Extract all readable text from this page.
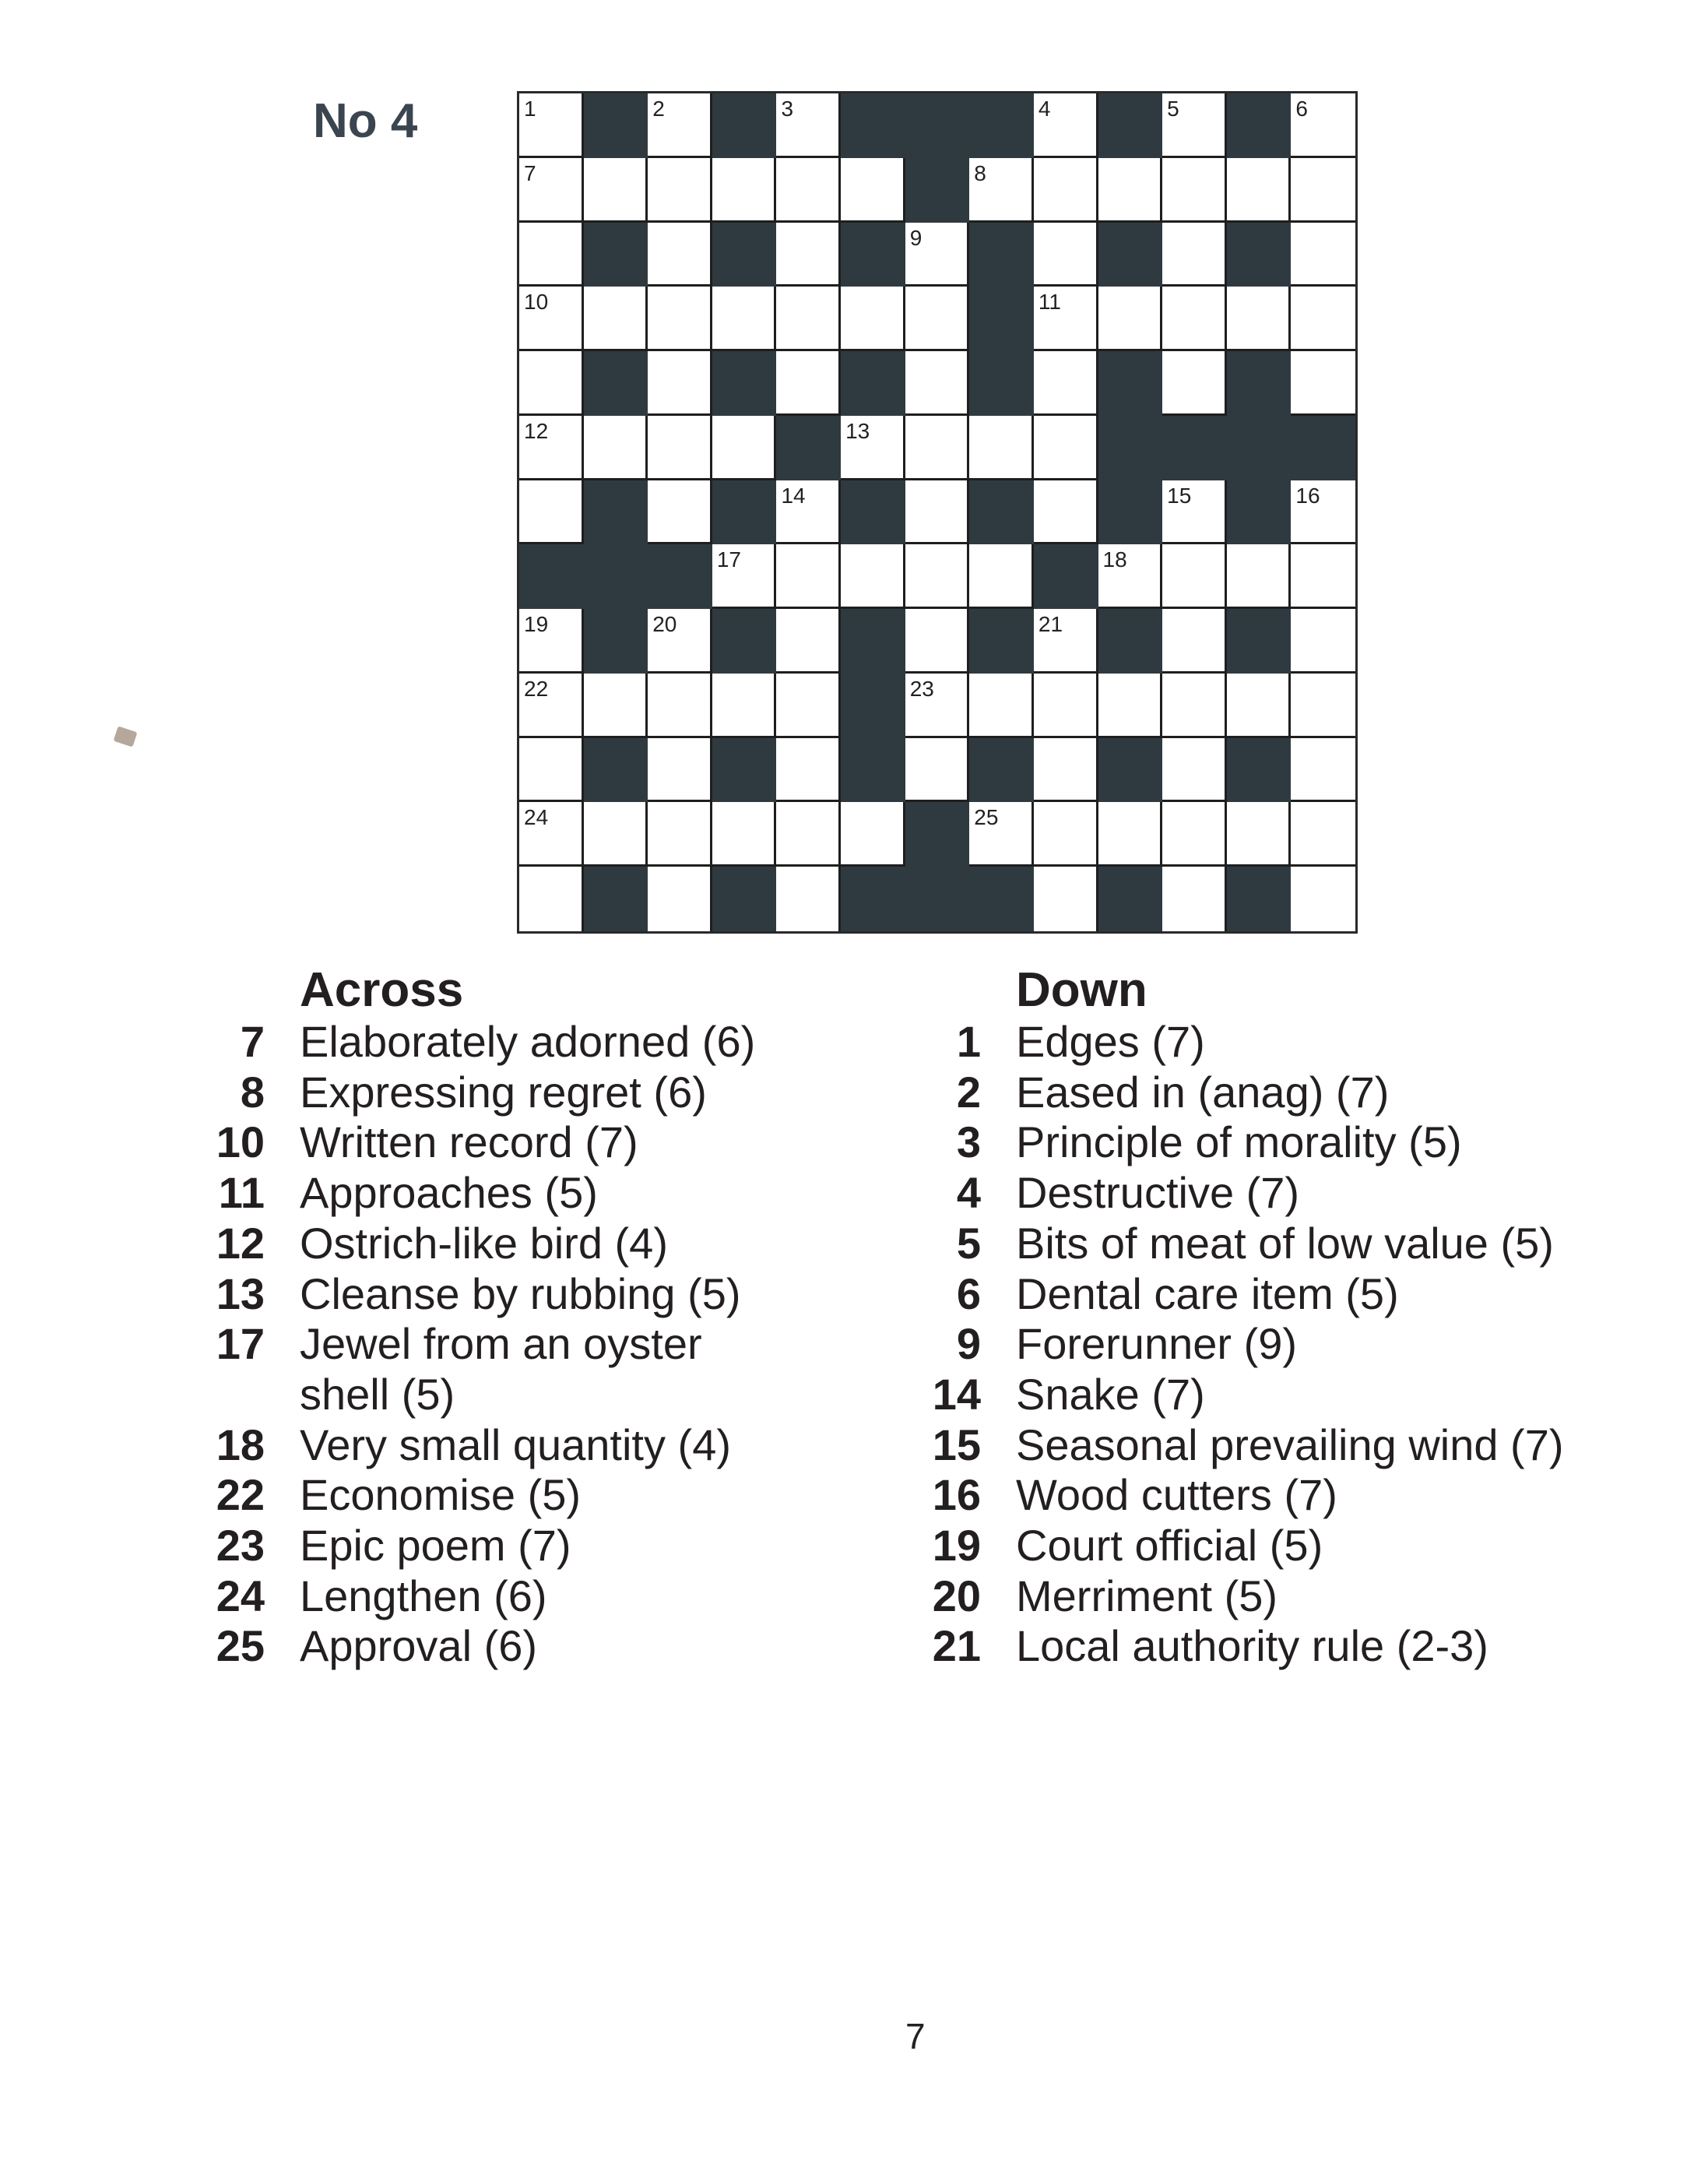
No 4	1	2	3	4	5	6
7	8
9
10	11
12	13
14	15	16
17	18
19	20	21
22	23
24	25
Across
7 Elaborately adorned (6)
8 Expressing regret (6)
10 Written record (7)
11 Approaches (5)
12 Ostrich-like bird (4)
13 Cleanse by rubbing (5)
17 Jewel from an oyster shell (5)
18 Very small quantity (4)
22 Economise (5)
23 Epic poem (7)
24 Lengthen (6)
25 Approval (6)
Down
1 Edges (7)
2 Eased in (anag) (7)
3 Principle of morality (5)
4 Destructive (7)
5 Bits of meat of low value (5)
6 Dental care item (5)
9 Forerunner (9)
14 Snake (7)
15 Seasonal prevailing wind (7)
16 Wood cutters (7)
19 Court official (5)
20 Merriment (5)
21 Local authority rule (2-3)
7
